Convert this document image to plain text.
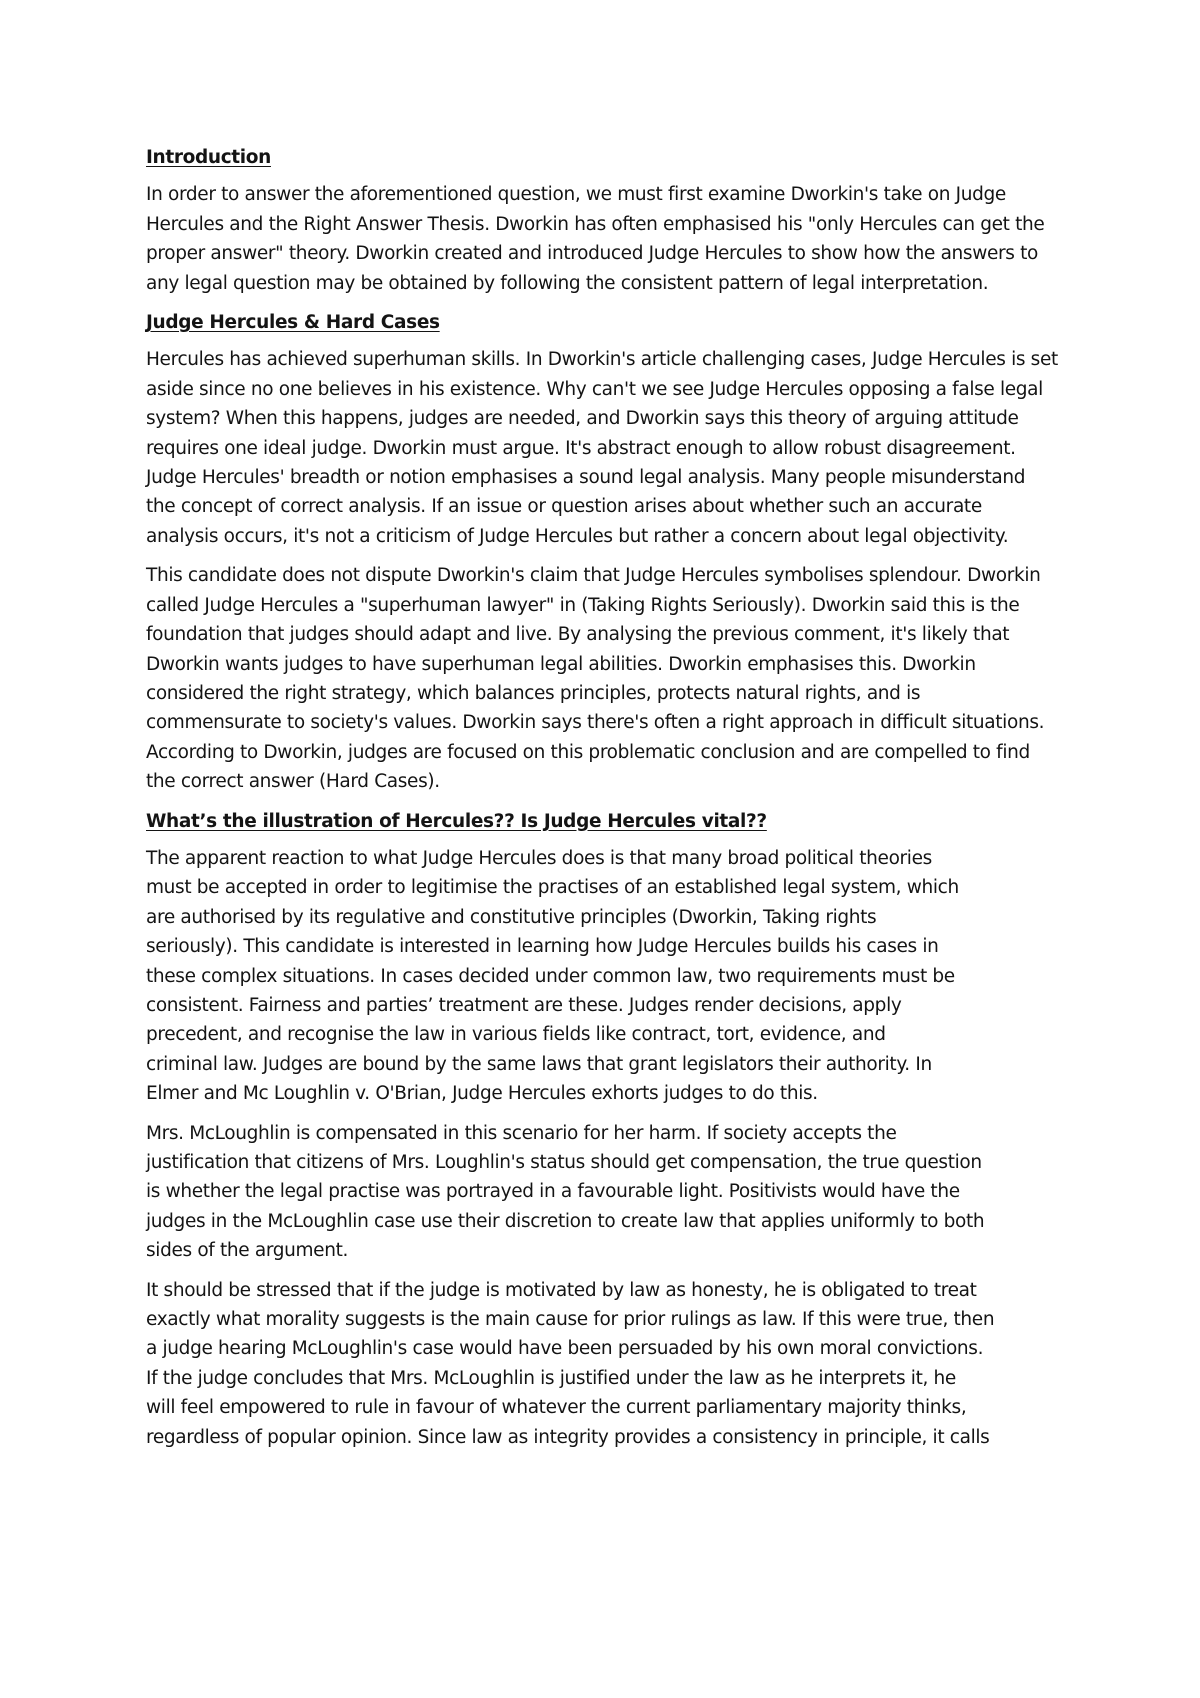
Introduction

In order to answer the aforementioned question, we must first examine Dworkin's take on Judge
Hercules and the Right Answer Thesis. Dworkin has often emphasised his "only Hercules can get the
proper answer" theory. Dworkin created and introduced Judge Hercules to show how the answers to
any legal question may be obtained by following the consistent pattern of legal interpretation.

Judge Hercules & Hard Cases

Hercules has achieved superhuman skills. In Dworkin's article challenging cases, Judge Hercules is set
aside since no one believes in his existence. Why can't we see Judge Hercules opposing a false legal
system? When this happens, judges are needed, and Dworkin says this theory of arguing attitude
requires one ideal judge. Dworkin must argue. It's abstract enough to allow robust disagreement.
Judge Hercules' breadth or notion emphasises a sound legal analysis. Many people misunderstand
the concept of correct analysis. If an issue or question arises about whether such an accurate
analysis occurs, it's not a criticism of Judge Hercules but rather a concern about legal objectivity.

This candidate does not dispute Dworkin's claim that Judge Hercules symbolises splendour. Dworkin
called Judge Hercules a "superhuman lawyer" in (Taking Rights Seriously). Dworkin said this is the
foundation that judges should adapt and live. By analysing the previous comment, it's likely that
Dworkin wants judges to have superhuman legal abilities. Dworkin emphasises this. Dworkin
considered the right strategy, which balances principles, protects natural rights, and is
commensurate to society's values. Dworkin says there's often a right approach in difficult situations.
According to Dworkin, judges are focused on this problematic conclusion and are compelled to find
the correct answer (Hard Cases).

What’s the illustration of Hercules?? Is Judge Hercules vital??

The apparent reaction to what Judge Hercules does is that many broad political theories
must be accepted in order to legitimise the practises of an established legal system, which
are authorised by its regulative and constitutive principles (Dworkin, Taking rights
seriously). This candidate is interested in learning how Judge Hercules builds his cases in
these complex situations. In cases decided under common law, two requirements must be
consistent. Fairness and parties’ treatment are these. Judges render decisions, apply
precedent, and recognise the law in various fields like contract, tort, evidence, and
criminal law. Judges are bound by the same laws that grant legislators their authority. In
Elmer and Mc Loughlin v. O'Brian, Judge Hercules exhorts judges to do this.

Mrs. McLoughlin is compensated in this scenario for her harm. If society accepts the
justification that citizens of Mrs. Loughlin's status should get compensation, the true question
is whether the legal practise was portrayed in a favourable light. Positivists would have the
judges in the McLoughlin case use their discretion to create law that applies uniformly to both
sides of the argument.

It should be stressed that if the judge is motivated by law as honesty, he is obligated to treat
exactly what morality suggests is the main cause for prior rulings as law. If this were true, then
a judge hearing McLoughlin's case would have been persuaded by his own moral convictions.
If the judge concludes that Mrs. McLoughlin is justified under the law as he interprets it, he
will feel empowered to rule in favour of whatever the current parliamentary majority thinks,
regardless of popular opinion. Since law as integrity provides a consistency in principle, it calls
